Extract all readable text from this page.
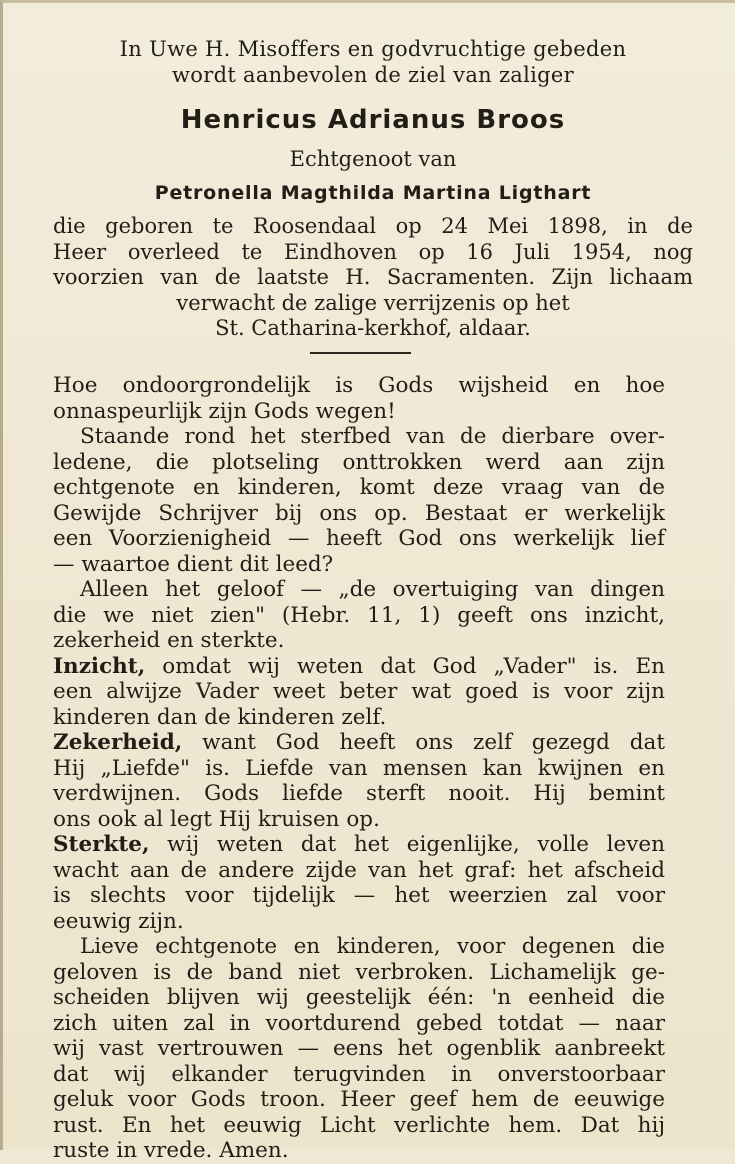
In Uwe H. Misoffers en godvruchtige gebeden
wordt aanbevolen de ziel van zaliger
Henricus Adrianus Broos
Echtgenoot van
Petronella Magthilda Martina Ligthart
die geboren te Roosendaal op 24 Mei 1898, in de
Heer overleed te Eindhoven op 16 Juli 1954, nog
voorzien van de laatste H. Sacramenten. Zijn lichaam
verwacht de zalige verrijzenis op het
St. Catharina-kerkhof, aldaar.
Hoe ondoorgrondelijk is Gods wijsheid en hoe
onnaspeurlijk zijn Gods wegen!
Staande rond het sterfbed van de dierbare over-
ledene, die plotseling onttrokken werd aan zijn
echtgenote en kinderen, komt deze vraag van de
Gewijde Schrijver bij ons op. Bestaat er werkelijk
een Voorzienigheid — heeft God ons werkelijk lief
— waartoe dient dit leed?
Alleen het geloof — „de overtuiging van dingen
die we niet zien" (Hebr. 11, 1) geeft ons inzicht,
zekerheid en sterkte.
Inzicht, omdat wij weten dat God „Vader" is. En
een alwijze Vader weet beter wat goed is voor zijn
kinderen dan de kinderen zelf.
Zekerheid, want God heeft ons zelf gezegd dat
Hij „Liefde" is. Liefde van mensen kan kwijnen en
verdwijnen. Gods liefde sterft nooit. Hij bemint
ons ook al legt Hij kruisen op.
Sterkte, wij weten dat het eigenlijke, volle leven
wacht aan de andere zijde van het graf: het afscheid
is slechts voor tijdelijk — het weerzien zal voor
eeuwig zijn.
Lieve echtgenote en kinderen, voor degenen die
geloven is de band niet verbroken. Lichamelijk ge-
scheiden blijven wij geestelijk één: 'n eenheid die
zich uiten zal in voortdurend gebed totdat — naar
wij vast vertrouwen — eens het ogenblik aanbreekt
dat wij elkander terugvinden in onverstoorbaar
geluk voor Gods troon. Heer geef hem de eeuwige
rust. En het eeuwig Licht verlichte hem. Dat hij
ruste in vrede. Amen.
